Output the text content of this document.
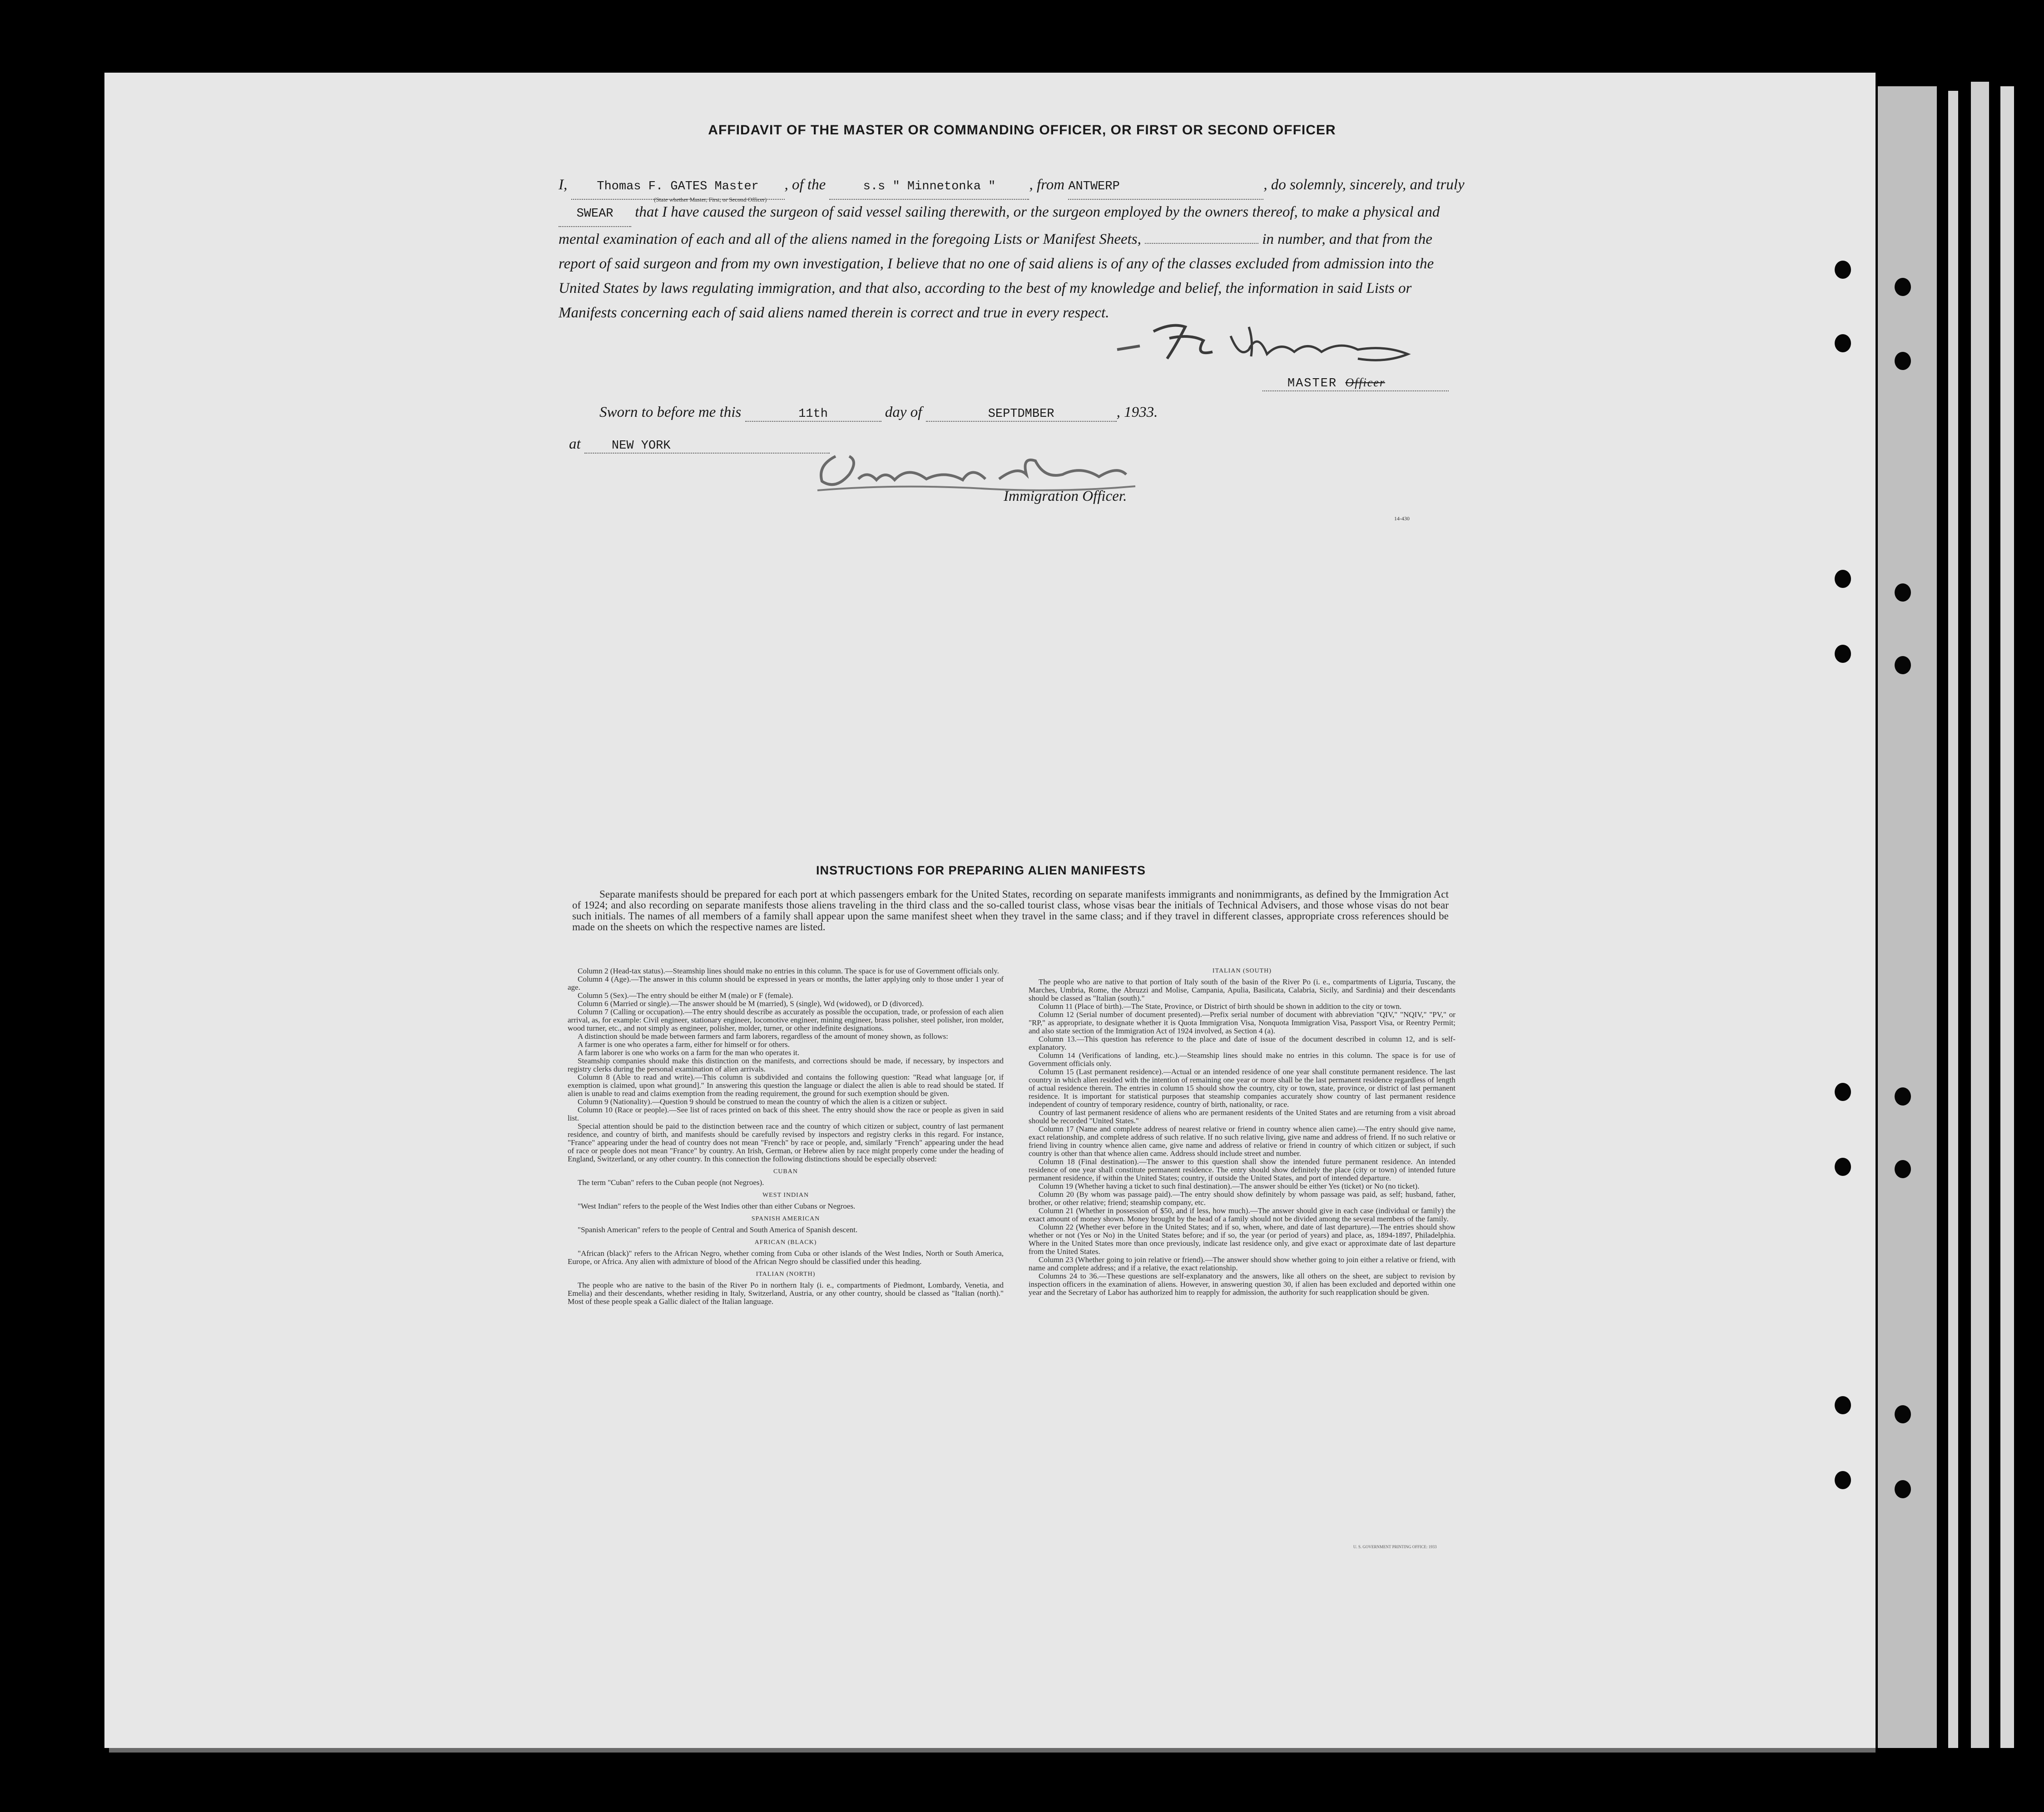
AFFIDAVIT OF THE MASTER OR COMMANDING OFFICER, OR FIRST OR SECOND OFFICER
I, Thomas F. GATES Master , of the	s.s " Minnetonka " , from ANTWERP	, do solemnly, sincerely, and truly SWEAR that I have caused the surgeon of said vessel sailing therewith, or the surgeon employed by the owners thereof, to make a physical and mental examination of each and all of the aliens named in the foregoing Lists or Manifest Sheets,	in number, and that from the report of said surgeon and from my own investigation, I believe that no one of said aliens is of any of the classes excluded from admission into the United States by laws regulating immigration, and that also, according to the best of my knowledge and belief, the information in said Lists or Manifests concerning each of said aliens named therein is correct and true in every respect.
(State whether Master, First, or Second Officer)
MASTER Officer
Sworn to before me this	11th	day of	SEPTDMBER	, 1933.
at	NEW YORK
Immigration Officer.
14-430
INSTRUCTIONS FOR PREPARING ALIEN MANIFESTS
Separate manifests should be prepared for each port at which passengers embark for the United States, recording on separate manifests immigrants and nonimmigrants, as defined by the Immigration Act of 1924; and also recording on separate manifests those aliens traveling in the third class and the so-called tourist class, whose visas bear the initials of Technical Advisers, and those whose visas do not bear such initials. The names of all members of a family shall appear upon the same manifest sheet when they travel in the same class; and if they travel in different classes, appropriate cross references should be made on the sheets on which the respective names are listed.

Column 2 (Head-tax status).—Steamship lines should make no entries in this column. The space is for use of Government officials only.

Column 4 (Age).—The answer in this column should be expressed in years or months, the latter applying only to those under 1 year of age.

Column 5 (Sex).—The entry should be either M (male) or F (female).

Column 6 (Married or single).—The answer should be M (married), S (single), Wd (widowed), or D (divorced).

Column 7 (Calling or occupation).—The entry should describe as accurately as possible the occupation, trade, or profession of each alien arrival, as, for example: Civil engineer, stationary engineer, locomotive engineer, mining engineer, brass polisher, steel polisher, iron molder, wood turner, etc., and not simply as engineer, polisher, molder, turner, or other indefinite designations.

A distinction should be made between farmers and farm laborers, regardless of the amount of money shown, as follows:

A farmer is one who operates a farm, either for himself or for others.

A farm laborer is one who works on a farm for the man who operates it.

Steamship companies should make this distinction on the manifests, and corrections should be made, if necessary, by inspectors and registry clerks during the personal examination of alien arrivals.

Column 8 (Able to read and write).—This column is subdivided and contains the following question: "Read what language [or, if exemption is claimed, upon what ground]." In answering this question the language or dialect the alien is able to read should be stated. If alien is unable to read and claims exemption from the reading requirement, the ground for such exemption should be given.

Column 9 (Nationality).—Question 9 should be construed to mean the country of which the alien is a citizen or subject.

Column 10 (Race or people).—See list of races printed on back of this sheet. The entry should show the race or people as given in said list.

Special attention should be paid to the distinction between race and the country of which citizen or subject, country of last permanent residence, and country of birth, and manifests should be carefully revised by inspectors and registry clerks in this regard. For instance, "France" appearing under the head of country does not mean "French" by race or people, and, similarly "French" appearing under the head of race or people does not mean "France" by country. An Irish, German, or Hebrew alien by race might properly come under the heading of England, Switzerland, or any other country. In this connection the following distinctions should be especially observed:

CUBAN

The term "Cuban" refers to the Cuban people (not Negroes).

WEST INDIAN

"West Indian" refers to the people of the West Indies other than either Cubans or Negroes.

SPANISH AMERICAN

"Spanish American" refers to the people of Central and South America of Spanish descent.

AFRICAN (BLACK)

"African (black)" refers to the African Negro, whether coming from Cuba or other islands of the West Indies, North or South America, Europe, or Africa. Any alien with admixture of blood of the African Negro should be classified under this heading.

ITALIAN (NORTH)

The people who are native to the basin of the River Po in northern Italy (i. e., compartments of Piedmont, Lombardy, Venetia, and Emelia) and their descendants, whether residing in Italy, Switzerland, Austria, or any other country, should be classed as "Italian (north)." Most of these people speak a Gallic dialect of the Italian language.

ITALIAN (SOUTH)

The people who are native to that portion of Italy south of the basin of the River Po (i. e., compartments of Liguria, Tuscany, the Marches, Umbria, Rome, the Abruzzi and Molise, Campania, Apulia, Basilicata, Calabria, Sicily, and Sardinia) and their descendants should be classed as "Italian (south)."

Column 11 (Place of birth).—The State, Province, or District of birth should be shown in addition to the city or town.

Column 12 (Serial number of document presented).—Prefix serial number of document with abbreviation "QIV," "NQIV," "PV," or "RP," as appropriate, to designate whether it is Quota Immigration Visa, Nonquota Immigration Visa, Passport Visa, or Reentry Permit; and also state section of the Immigration Act of 1924 involved, as Section 4 (a).

Column 13.—This question has reference to the place and date of issue of the document described in column 12, and is self-explanatory.

Column 14 (Verifications of landing, etc.).—Steamship lines should make no entries in this column. The space is for use of Government officials only.

Column 15 (Last permanent residence).—Actual or an intended residence of one year shall constitute permanent residence. The last country in which alien resided with the intention of remaining one year or more shall be the last permanent residence regardless of length of actual residence therein. The entries in column 15 should show the country, city or town, state, province, or district of last permanent residence. It is important for statistical purposes that steamship companies accurately show country of last permanent residence independent of country of temporary residence, country of birth, nationality, or race.

Country of last permanent residence of aliens who are permanent residents of the United States and are returning from a visit abroad should be recorded "United States."

Column 17 (Name and complete address of nearest relative or friend in country whence alien came).—The entry should give name, exact relationship, and complete address of such relative. If no such relative living, give name and address of friend. If no such relative or friend living in country whence alien came, give name and address of relative or friend in country of which citizen or subject, if such country is other than that whence alien came. Address should include street and number.

Column 18 (Final destination).—The answer to this question shall show the intended future permanent residence. An intended residence of one year shall constitute permanent residence. The entry should show definitely the place (city or town) of intended future permanent residence, if within the United States; country, if outside the United States, and port of intended departure.

Column 19 (Whether having a ticket to such final destination).—The answer should be either Yes (ticket) or No (no ticket).

Column 20 (By whom was passage paid).—The entry should show definitely by whom passage was paid, as self; husband, father, brother, or other relative; friend; steamship company, etc.

Column 21 (Whether in possession of $50, and if less, how much).—The answer should give in each case (individual or family) the exact amount of money shown. Money brought by the head of a family should not be divided among the several members of the family.

Column 22 (Whether ever before in the United States; and if so, when, where, and date of last departure).—The entries should show whether or not (Yes or No) in the United States before; and if so, the year (or period of years) and place, as, 1894-1897, Philadelphia. Where in the United States more than once previously, indicate last residence only, and give exact or approximate date of last departure from the United States.

Column 23 (Whether going to join relative or friend).—The answer should show whether going to join either a relative or friend, with name and complete address; and if a relative, the exact relationship.

Columns 24 to 36.—These questions are self-explanatory and the answers, like all others on the sheet, are subject to revision by inspection officers in the examination of aliens. However, in answering question 30, if alien has been excluded and deported within one year and the Secretary of Labor has authorized him to reapply for admission, the authority for such reapplication should be given.

U. S. GOVERNMENT PRINTING OFFICE: 1933
